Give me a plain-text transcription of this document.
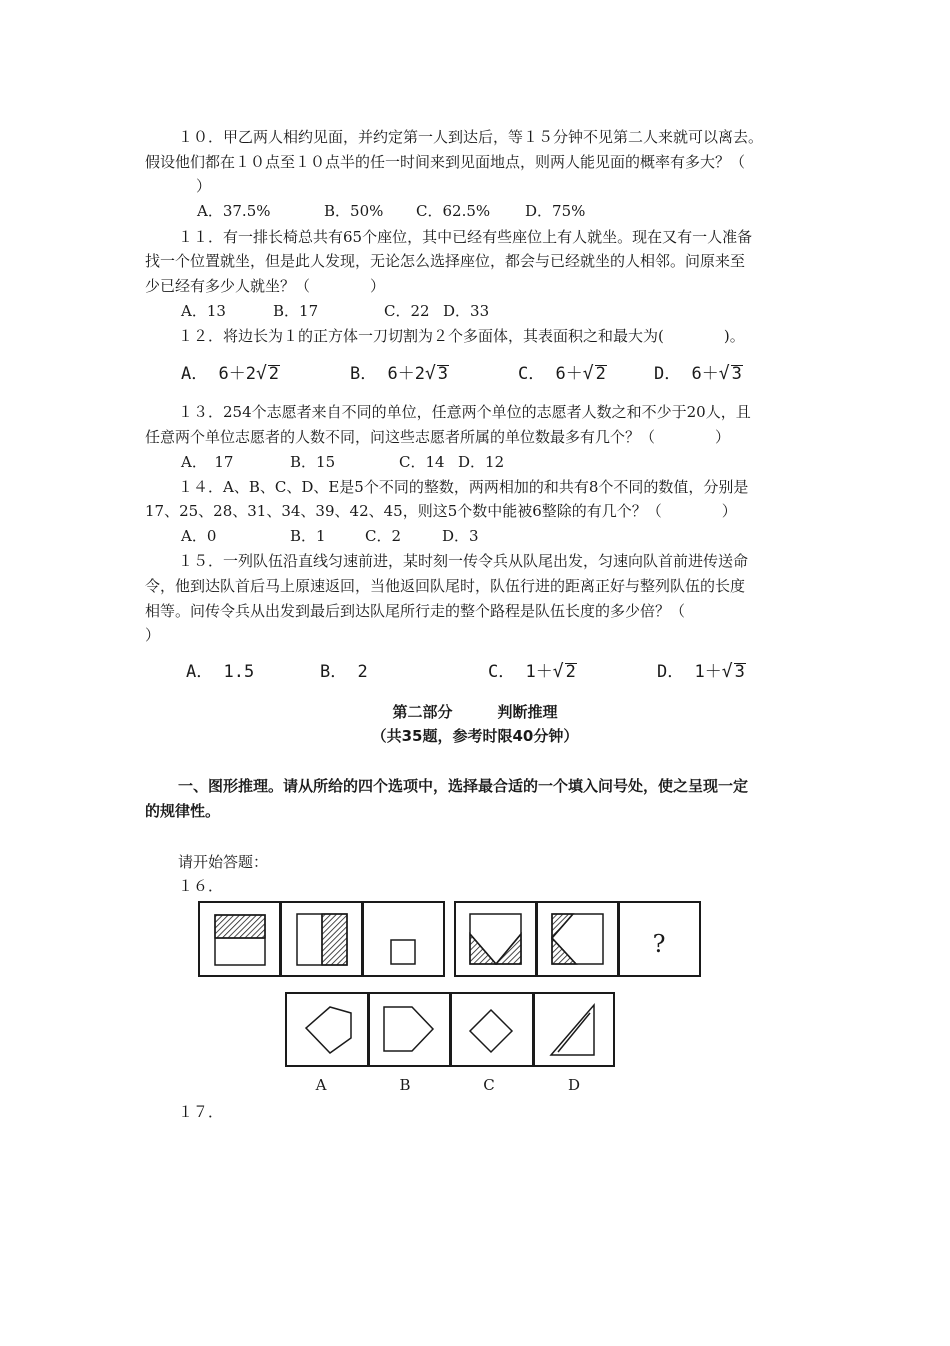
１０．甲乙两人相约见面，并约定第一人到达后，等１５分钟不见第二人来就可以离去。
假设他们都在１０点至１０点半的任一时间来到见面地点，则两人能见面的概率有多大？（
）
A．37.5%	B．50% C．62.5% D．75%
１１．有一排长椅总共有65个座位，其中已经有些座位上有人就坐。现在又有一人准备
找一个位置就坐，但是此人发现，无论怎么选择座位，都会与已经就坐的人相邻。问原来至
少已经有多少人就坐？（　　　　）
A．13	B．17	C．22 D．33
１２．将边长为１的正方体一刀切割为２个多面体，其表面积之和最大为(　　　　)。
A． 6＋2√ 2	B． 6＋2√ 3	C． 6＋√ 2	D． 6＋√ 3
１３．254个志愿者来自不同的单位，任意两个单位的志愿者人数之和不少于20人，且
任意两个单位志愿者的人数不同，问这些志愿者所属的单位数最多有几个？（　　　　）
A．　17	B．15	C．14 D．12
１４．A、B、C、D、E是5个不同的整数，两两相加的和共有8个不同的数值，分别是
17、25、28、31、34、39、42、45，则这5个数中能被6整除的有几个？（　　　　）
A．0	B．1	C．2	D．3
１５．一列队伍沿直线匀速前进，某时刻一传令兵从队尾出发，匀速向队首前进传送命
令，他到达队首后马上原速返回，当他返回队尾时，队伍行进的距离正好与整列队伍的长度
相等。问传令兵从出发到最后到达队尾所行走的整个路程是队伍长度的多少倍？（
）
A． 1.5	B． 2	C． 1＋√ 2	D． 1＋√ 3
第二部分　　　判断推理
（共35题，参考时限40分钟）
一、图形推理。请从所给的四个选项中，选择最合适的一个填入问号处，使之呈现一定
的规律性。
请开始答题：
１６．
?
A	B	C	D
１７．
